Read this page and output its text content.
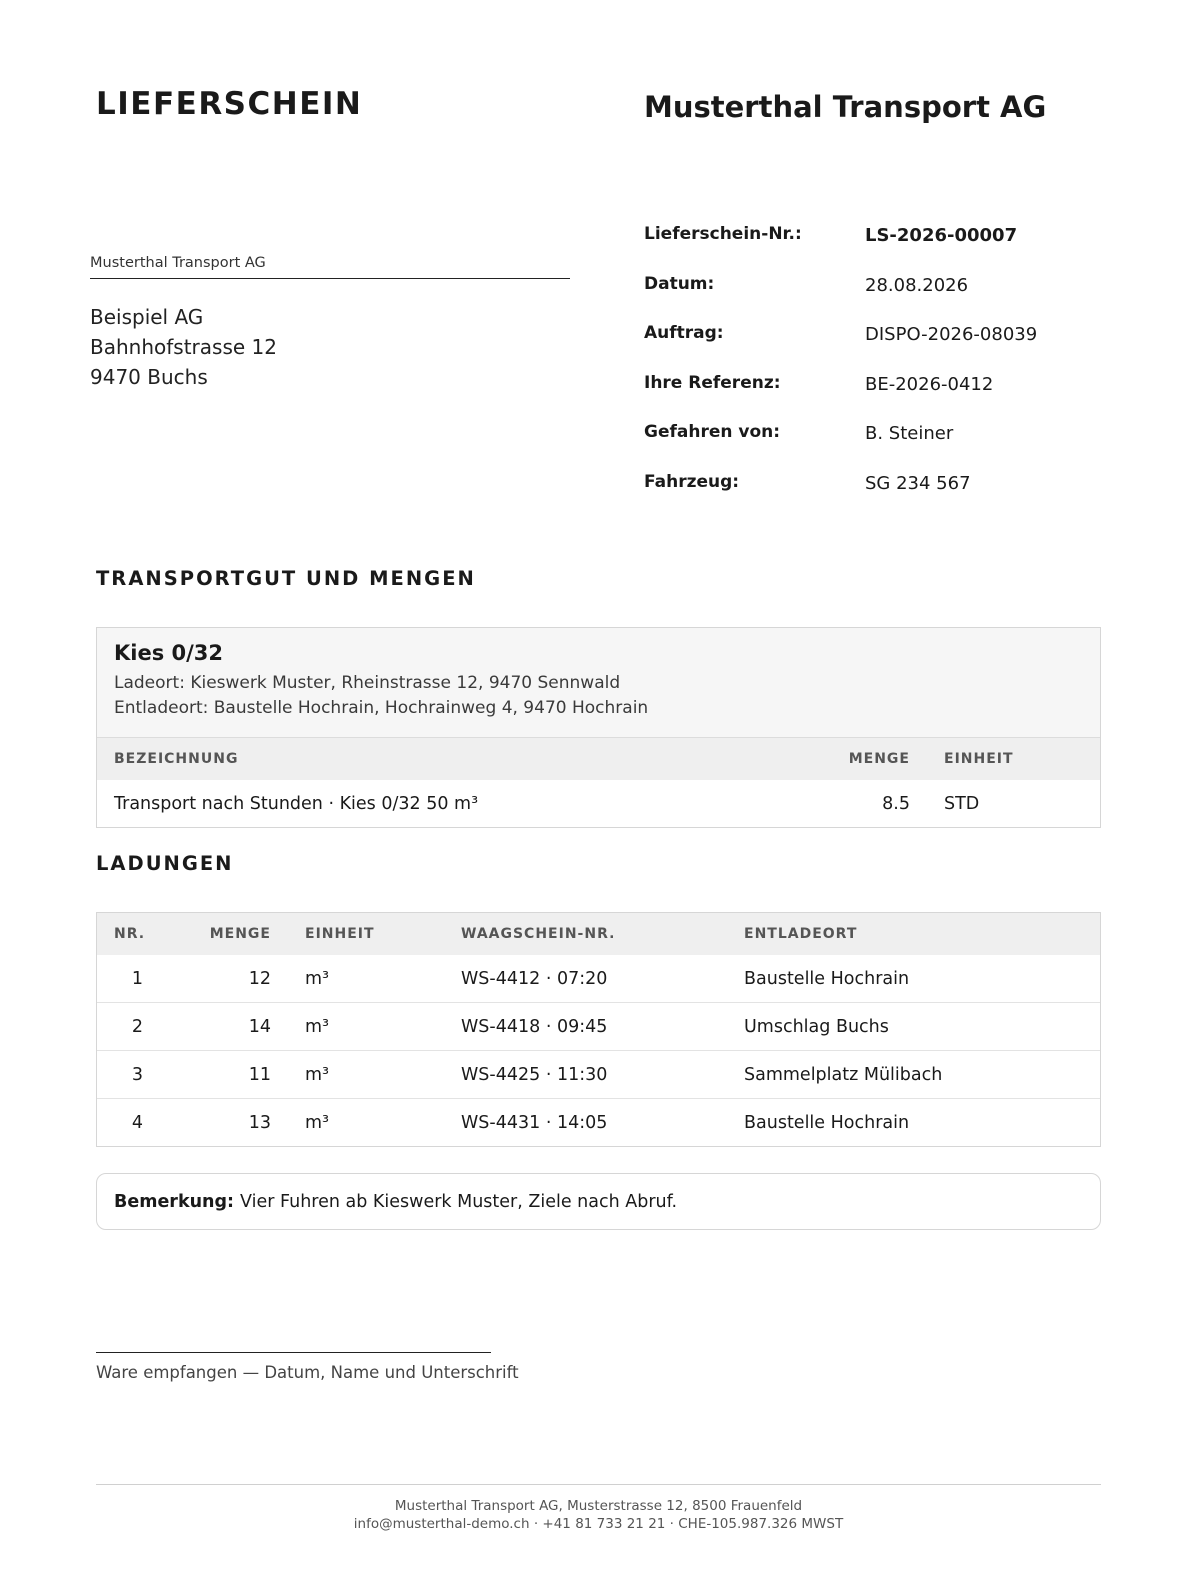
LIEFERSCHEIN	Musterthal Transport AG
Musterthal Transport AG
Beispiel AG
Bahnhofstrasse 12
9470 Buchs
Lieferschein-Nr.:	LS-2026-00007
Datum:	28.08.2026
Auftrag:	DISPO-2026-08039
Ihre Referenz:	BE-2026-0412
Gefahren von:	B. Steiner
Fahrzeug:	SG 234 567
TRANSPORTGUT UND MENGEN
Kies 0/32
Ladeort: Kieswerk Muster, Rheinstrasse 12, 9470 Sennwald
Entladeort: Baustelle Hochrain, Hochrainweg 4, 9470 Hochrain
BEZEICHNUNG	MENGE	EINHEIT
Transport nach Stunden · Kies 0/32 50 m³	8.5	STD
LADUNGEN
NR.	MENGE	EINHEIT	WAAGSCHEIN-NR.	ENTLADEORT
1	12	m³	WS-4412 · 07:20	Baustelle Hochrain
2	14	m³	WS-4418 · 09:45	Umschlag Buchs
3	11	m³	WS-4425 · 11:30	Sammelplatz Mülibach
4	13	m³	WS-4431 · 14:05	Baustelle Hochrain
Bemerkung: Vier Fuhren ab Kieswerk Muster, Ziele nach Abruf.
Ware empfangen — Datum, Name und Unterschrift
Musterthal Transport AG, Musterstrasse 12, 8500 Frauenfeld
info@musterthal-demo.ch · +41 81 733 21 21 · CHE-105.987.326 MWST
